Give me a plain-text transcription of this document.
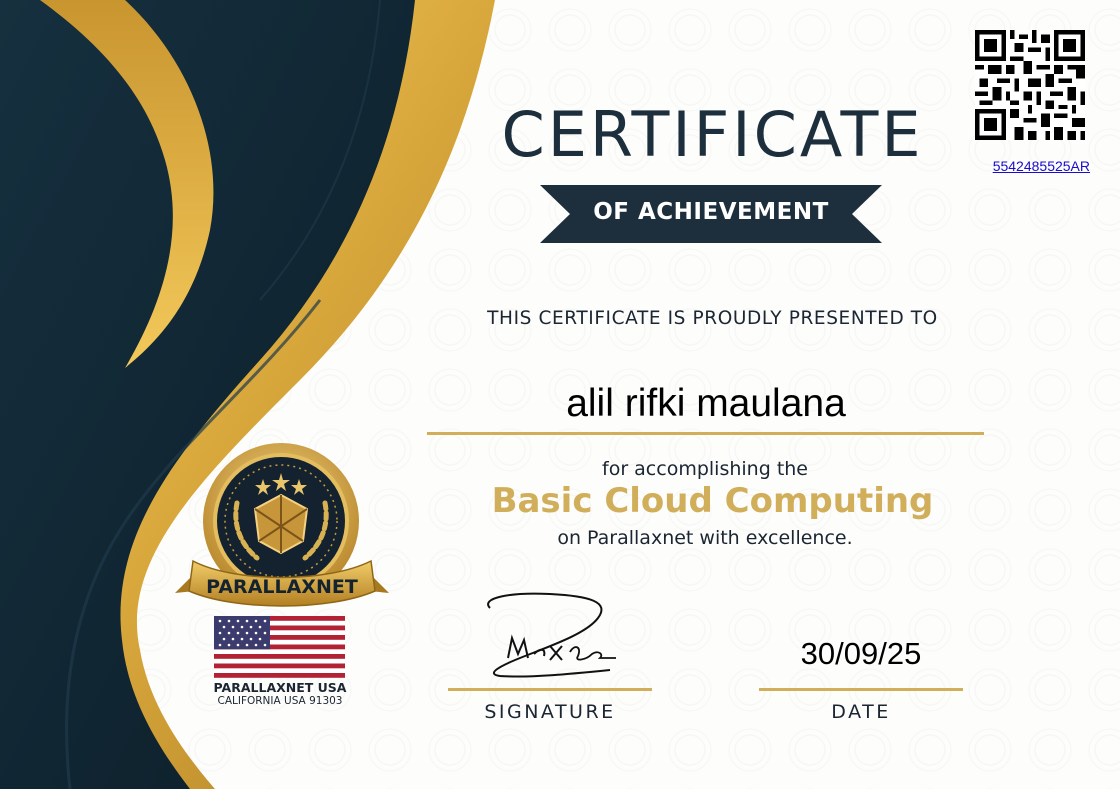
PARALLAXNET
PARALLAXNET USA
CALIFORNIA USA 91303
CERTIFICATE
OF ACHIEVEMENT
THIS CERTIFICATE IS PROUDLY PRESENTED TO
alil rifki maulana
for accomplishing the
Basic Cloud Computing
on Parallaxnet with excellence.
SIGNATURE
30/09/25
DATE
5542485525AR
